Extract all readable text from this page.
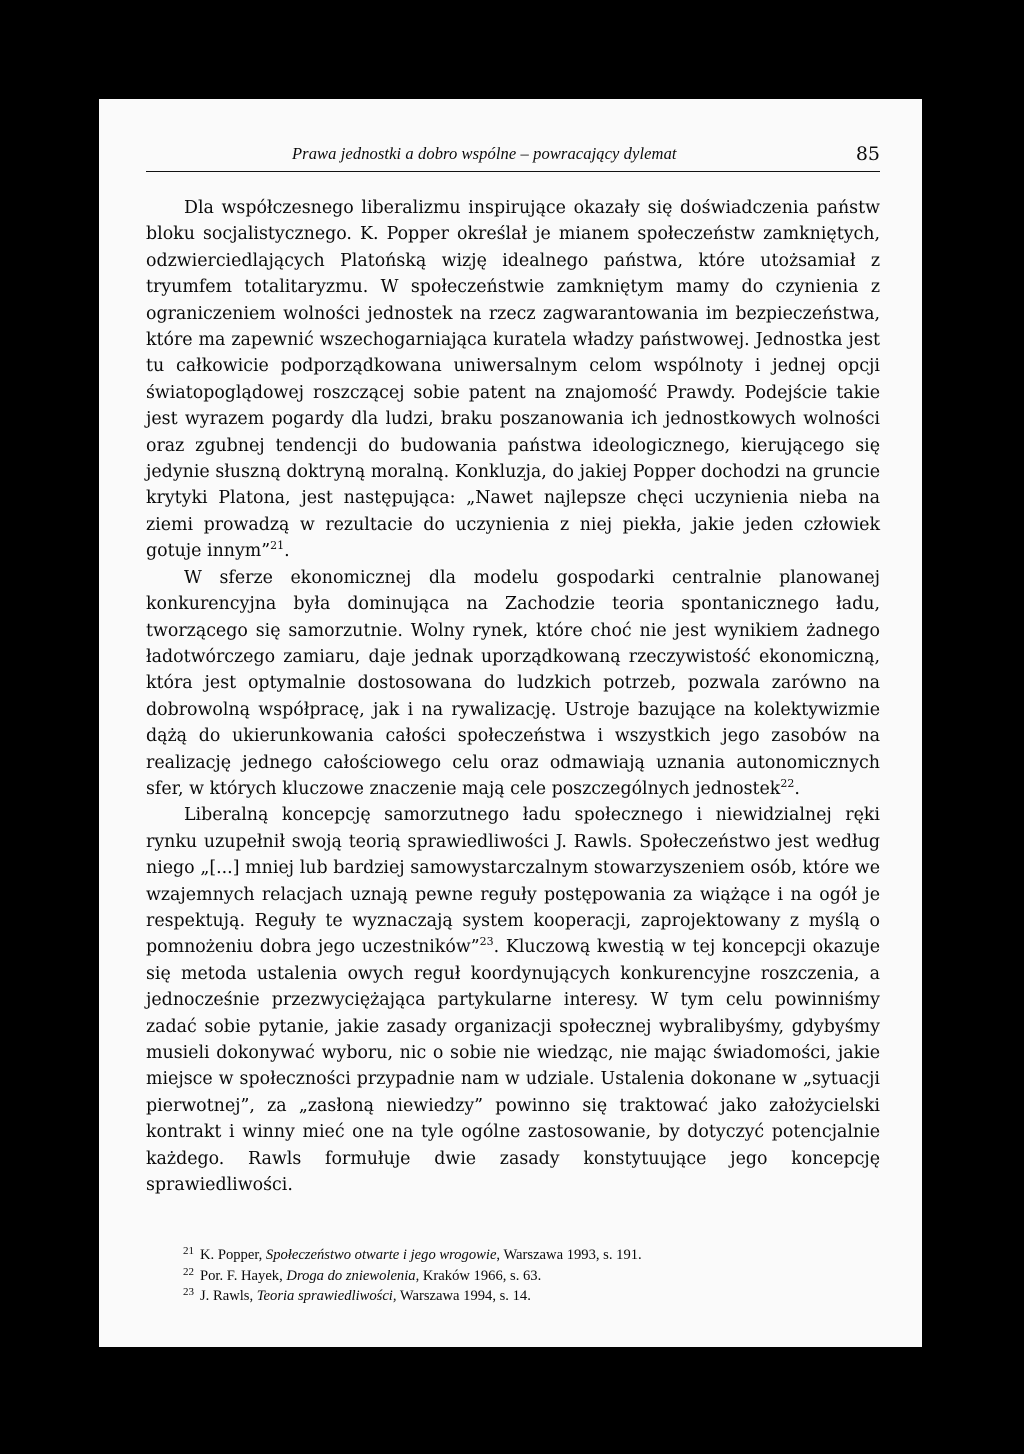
Prawa jednostki a dobro wspólne – powracający dylemat	85

Dla współczesnego liberalizmu inspirujące okazały się doświadczenia państw bloku socjalistycznego. K. Popper określał je mianem społeczeństw zamkniętych, odzwierciedlających Platońską wizję idealnego państwa, które utożsamiał z tryumfem totalitaryzmu. W społeczeństwie zamkniętym mamy do czynienia z ograniczeniem wolności jednostek na rzecz zagwarantowania im bezpieczeństwa, które ma zapewnić wszechogarniająca kuratela władzy państwowej. Jednostka jest tu całkowicie podporządkowana uniwersalnym celom wspólnoty i jednej opcji światopoglądowej roszczącej sobie patent na znajomość Prawdy. Podejście takie jest wyrazem pogardy dla ludzi, braku poszanowania ich jednostkowych wolności oraz zgubnej tendencji do budowania państwa ideologicznego, kierującego się jedynie słuszną doktryną moralną. Konkluzja, do jakiej Popper dochodzi na gruncie krytyki Platona, jest następująca: „Nawet najlepsze chęci uczynienia nieba na ziemi prowadzą w rezultacie do uczynienia z niej piekła, jakie jeden człowiek gotuje innym”$^{21}$.

W sferze ekonomicznej dla modelu gospodarki centralnie planowanej konkurencyjna była dominująca na Zachodzie teoria spontanicznego ładu, tworzącego się samorzutnie. Wolny rynek, które choć nie jest wynikiem żadnego ładotwórczego zamiaru, daje jednak uporządkowaną rzeczywistość ekonomiczną, która jest optymalnie dostosowana do ludzkich potrzeb, pozwala zarówno na dobrowolną współpracę, jak i na rywalizację. Ustroje bazujące na kolektywizmie dążą do ukierunkowania całości społeczeństwa i wszystkich jego zasobów na realizację jednego całościowego celu oraz odmawiają uznania autonomicznych sfer, w których kluczowe znaczenie mają cele poszczególnych jednostek$^{22}$.

Liberalną koncepcję samorzutnego ładu społecznego i niewidzialnej ręki rynku uzupełnił swoją teorią sprawiedliwości J. Rawls. Społeczeństwo jest według niego „[...] mniej lub bardziej samowystarczalnym stowarzyszeniem osób, które we wzajemnych relacjach uznają pewne reguły postępowania za wiążące i na ogół je respektują. Reguły te wyznaczają system kooperacji, zaprojektowany z myślą o pomnożeniu dobra jego uczestników”$^{23}$. Kluczową kwestią w tej koncepcji okazuje się metoda ustalenia owych reguł koordynujących konkurencyjne roszczenia, a jednocześnie przezwyciężająca partykularne interesy. W tym celu powinniśmy zadać sobie pytanie, jakie zasady organizacji społecznej wybralibyśmy, gdybyśmy musieli dokonywać wyboru, nic o sobie nie wiedząc, nie mając świadomości, jakie miejsce w społeczności przypadnie nam w udziale. Ustalenia dokonane w „sytuacji pierwotnej”, za „zasłoną niewiedzy” powinno się traktować jako założycielski kontrakt i winny mieć one na tyle ogólne zastosowanie, by dotyczyć potencjalnie każdego. Rawls formułuje dwie zasady konstytuujące jego koncepcję sprawiedliwości.

21 K. Popper, Społeczeństwo otwarte i jego wrogowie, Warszawa 1993, s. 191.
22 Por. F. Hayek, Droga do zniewolenia, Kraków 1966, s. 63.
23 J. Rawls, Teoria sprawiedliwości, Warszawa 1994, s. 14.
